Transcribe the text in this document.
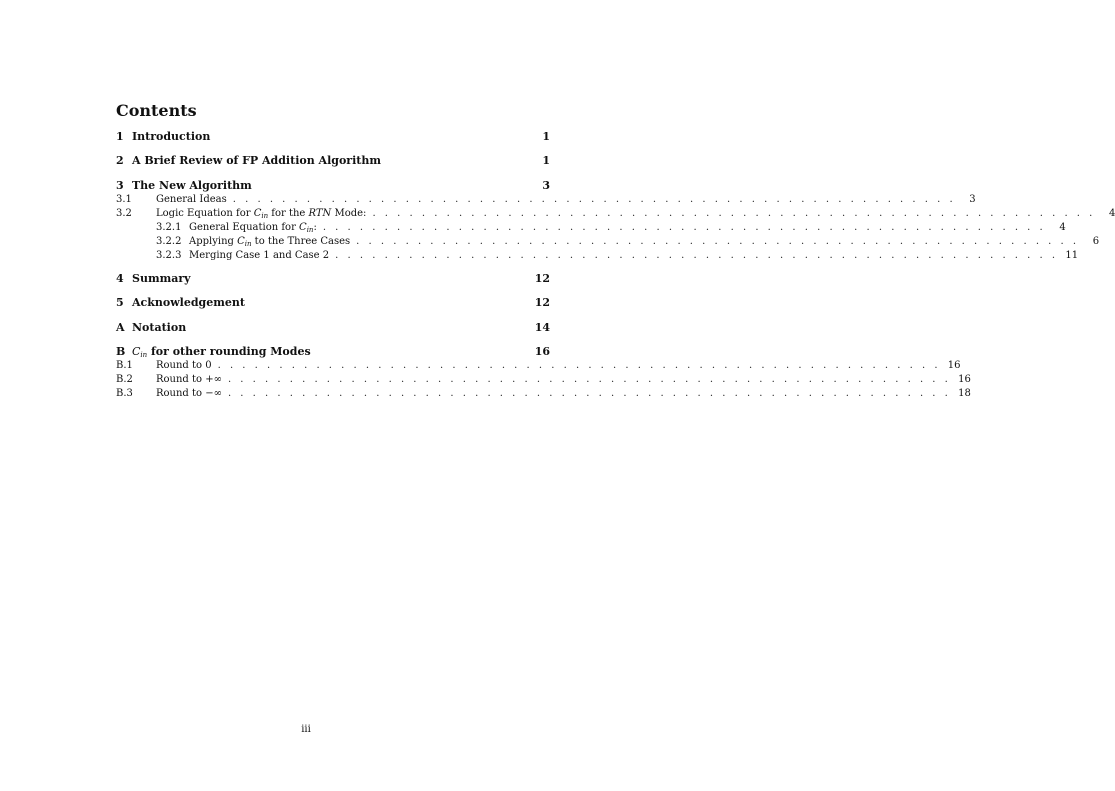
Contents
1 Introduction	1
2 A Brief Review of FP Addition Algorithm	1
3 The New Algorithm	3
3.1	General Ideas . . . . . . . . . . . . . . . . . . . . . . . . . . . . . . . . . . . . . . . . . . . . . . . . . . . . . . . . . . .	3
3.2	Logic Equation for $C_{in}$ for the RTN Mode: . . . . . . . . . . . . . . . . . . . . . . . . . . . . . . . . . . . . . . . . . . . . . . . . . . . . . . . . . . .	4
3.2.1 General Equation for $C_{in}$: . . . . . . . . . . . . . . . . . . . . . . . . . . . . . . . . . . . . . . . . . . . . . . . . . . . . . . . . . . .	4
3.2.2 Applying $C_{in}$ to the Three Cases . . . . . . . . . . . . . . . . . . . . . . . . . . . . . . . . . . . . . . . . . . . . . . . . . . . . . . . . . . .	6
3.2.3 Merging Case 1 and Case 2 . . . . . . . . . . . . . . . . . . . . . . . . . . . . . . . . . . . . . . . . . . . . . . . . . . . . . . . . . . . 11
4 Summary	12
5 Acknowledgement	12
A Notation	14
B $C_{in}$ for other rounding Modes	16
B.1	Round to 0 . . . . . . . . . . . . . . . . . . . . . . . . . . . . . . . . . . . . . . . . . . . . . . . . . . . . . . . . . . . 16
B.2	Round to +∞ . . . . . . . . . . . . . . . . . . . . . . . . . . . . . . . . . . . . . . . . . . . . . . . . . . . . . . . . . . . 16
B.3	Round to −∞ . . . . . . . . . . . . . . . . . . . . . . . . . . . . . . . . . . . . . . . . . . . . . . . . . . . . . . . . . . . 18
iii
